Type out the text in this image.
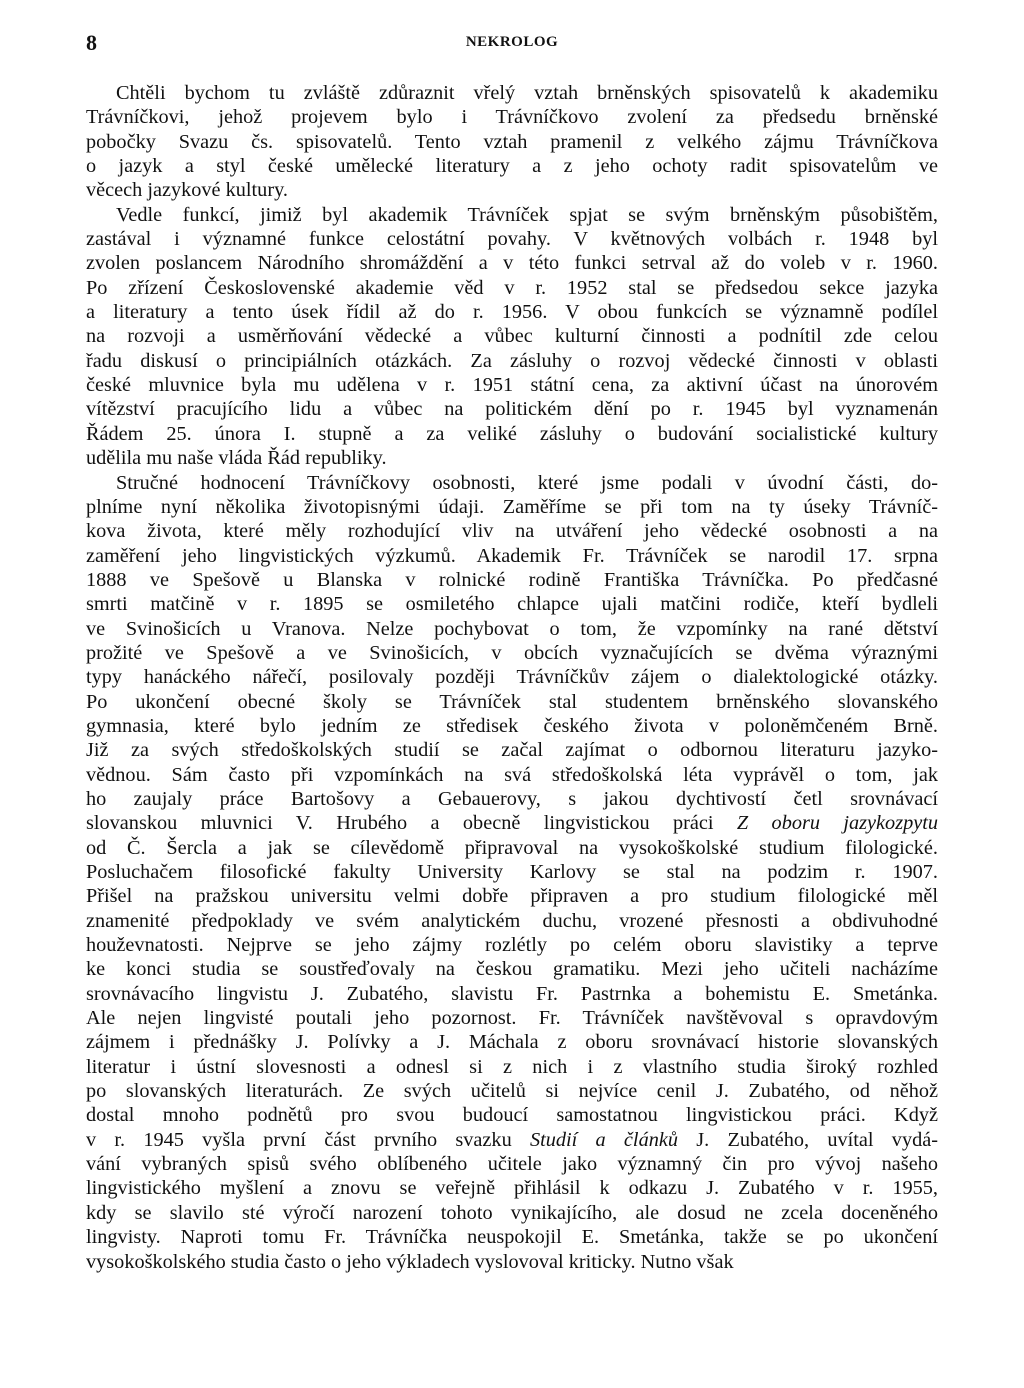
8	NEKROLOG
Chtěli bychom tu zvláště zdůraznit vřelý vztah brněnských spisovatelů k akademiku
Trávníčkovi, jehož projevem bylo i Trávníčkovo zvolení za předsedu brněnské
pobočky Svazu čs. spisovatelů. Tento vztah pramenil z velkého zájmu Trávníčkova
o jazyk a styl české umělecké literatury a z jeho ochoty radit spisovatelům ve
věcech jazykové kultury.
Vedle funkcí, jimiž byl akademik Trávníček spjat se svým brněnským působištěm,
zastával i významné funkce celostátní povahy. V květnových volbách r. 1948 byl
zvolen poslancem Národního shromáždění a v této funkci setrval až do voleb v r. 1960.
Po zřízení Československé akademie věd v r. 1952 stal se předsedou sekce jazyka
a literatury a tento úsek řídil až do r. 1956. V obou funkcích se významně podílel
na rozvoji a usměrňování vědecké a vůbec kulturní činnosti a podnítil zde celou
řadu diskusí o principiálních otázkách. Za zásluhy o rozvoj vědecké činnosti v oblasti
české mluvnice byla mu udělena v r. 1951 státní cena, za aktivní účast na únorovém
vítězství pracujícího lidu a vůbec na politickém dění po r. 1945 byl vyznamenán
Řádem 25. února I. stupně a za veliké zásluhy o budování socialistické kultury
udělila mu naše vláda Řád republiky.
Stručné hodnocení Trávníčkovy osobnosti, které jsme podali v úvodní části, do-
plníme nyní několika životopisnými údaji. Zaměříme se při tom na ty úseky Trávníč-
kova života, které měly rozhodující vliv na utváření jeho vědecké osobnosti a na
zaměření jeho lingvistických výzkumů. Akademik Fr. Trávníček se narodil 17. srpna
1888 ve Spešově u Blanska v rolnické rodině Františka Trávníčka. Po předčasné
smrti matčině v r. 1895 se osmiletého chlapce ujali matčini rodiče, kteří bydleli
ve Svinošicích u Vranova. Nelze pochybovat o tom, že vzpomínky na rané dětství
prožité ve Spešově a ve Svinošicích, v obcích vyznačujících se dvěma výraznými
typy hanáckého nářečí, posilovaly později Trávníčkův zájem o dialektologické otázky.
Po ukončení obecné školy se Trávníček stal studentem brněnského slovanského
gymnasia, které bylo jedním ze středisek českého života v poloněmčeném Brně.
Již za svých středoškolských studií se začal zajímat o odbornou literaturu jazyko-
vědnou. Sám často při vzpomínkách na svá středoškolská léta vyprávěl o tom, jak
ho zaujaly práce Bartošovy a Gebauerovy, s jakou dychtivostí četl srovnávací
slovanskou mluvnici V. Hrubého a obecně lingvistickou práci Z oboru jazykozpytu
od Č. Šercla a jak se cílevědomě připravoval na vysokoškolské studium filologické.
Posluchačem filosofické fakulty University Karlovy se stal na podzim r. 1907.
Přišel na pražskou universitu velmi dobře připraven a pro studium filologické měl
znamenité předpoklady ve svém analytickém duchu, vrozené přesnosti a obdivuhodné
houževnatosti. Nejprve se jeho zájmy rozlétly po celém oboru slavistiky a teprve
ke konci studia se soustřeďovaly na českou gramatiku. Mezi jeho učiteli nacházíme
srovnávacího lingvistu J. Zubatého, slavistu Fr. Pastrnka a bohemistu E. Smetánka.
Ale nejen lingvisté poutali jeho pozornost. Fr. Trávníček navštěvoval s opravdovým
zájmem i přednášky J. Polívky a J. Máchala z oboru srovnávací historie slovanských
literatur i ústní slovesnosti a odnesl si z nich i z vlastního studia široký rozhled
po slovanských literaturách. Ze svých učitelů si nejvíce cenil J. Zubatého, od něhož
dostal mnoho podnětů pro svou budoucí samostatnou lingvistickou práci. Když
v r. 1945 vyšla první část prvního svazku Studií a článků J. Zubatého, uvítal vydá-
vání vybraných spisů svého oblíbeného učitele jako významný čin pro vývoj našeho
lingvistického myšlení a znovu se veřejně přihlásil k odkazu J. Zubatého v r. 1955,
kdy se slavilo sté výročí narození tohoto vynikajícího, ale dosud ne zcela doceněného
lingvisty. Naproti tomu Fr. Trávníčka neuspokojil E. Smetánka, takže se po ukončení
vysokoškolského studia často o jeho výkladech vyslovoval kriticky. Nutno však
